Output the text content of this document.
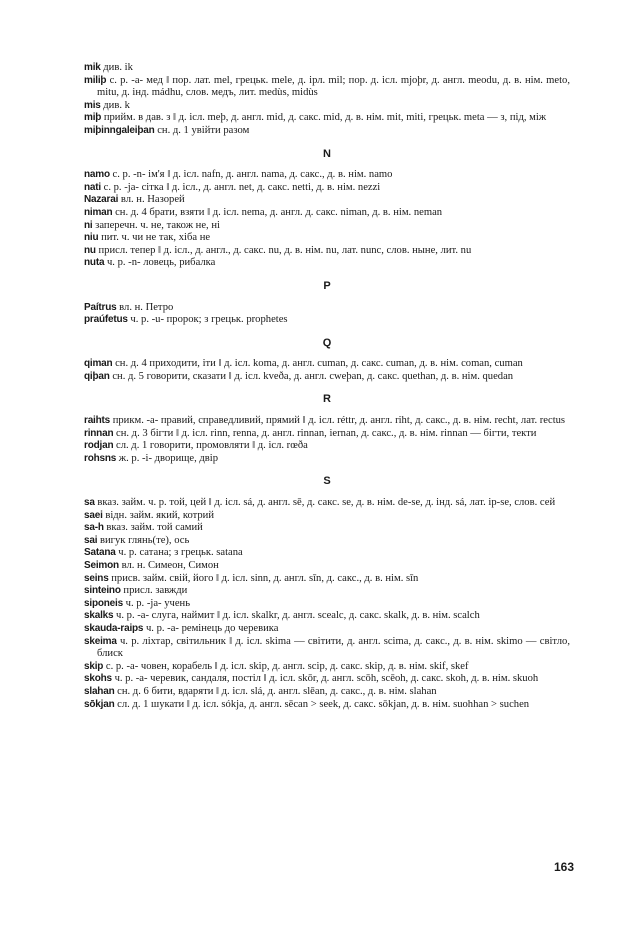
mik див. ik

miliþ с. р. -а- мед ‖ пор. лат. mel, грецьк. mele, д. ірл. mil; пор. д. ісл. mjoþr, д. англ. meodu, д. в. нім. meto, mitu, д. інд. mádhu, слов. медъ, лит. medùs, midùs

mis див. k

miþ прийм. в дав. з ‖ д. ісл. meþ, д. англ. mid, д. сакс. mid, д. в. нім. mit, miti, грецьк. meta — з, під, між

miþinngaleiþan сн. д. 1 увійти разом

N

namo с. р. -n- ім'я ‖ д. ісл. nafn, д. англ. nama, д. сакс., д. в. нім. namo

nati с. р. -ja- сітка ‖ д. ісл., д. англ. net, д. сакс. netti, д. в. нім. nezzi

Nazarai вл. н. Назорей

niman сн. д. 4 брати, взяти ‖ д. ісл. nema, д. англ. д. сакс. niman, д. в. нім. neman

ni заперечн. ч. не, також не, ні

niu пит. ч. чи не так, хіба не

nu присл. тепер ‖ д. ісл., д. англ., д. сакс. nu, д. в. нім. nu, лат. nunc, слов. ныне, лит. nu

nuta ч. р. -n- ловець, рибалка

P

Paítrus вл. н. Петро

praúfetus ч. р. -u- пророк; з грецьк. prophetes

Q

qiman сн. д. 4 приходити, іти ‖ д. ісл. koma, д. англ. cuman, д. сакс. cuman, д. в. нім. coman, cuman

qiþan сн. д. 5 говорити, сказати ‖ д. ісл. kveða, д. англ. cweþan, д. сакс. quethan, д. в. нім. quedan

R

raihts прикм. -a- правий, справедливий, прямий ‖ д. ісл. réttr, д. англ. riht, д. сакс., д. в. нім. recht, лат. rectus

rinnan сн. д. 3 бігти ‖ д. ісл. rinn, renna, д. англ. rinnan, iernan, д. сакс., д. в. нім. rinnan — бігти, текти

rodjan сл. д. 1 говорити, промовляти ‖ д. ісл. rœða

rohsns ж. р. -i- дворище, двір

S

sa вказ. займ. ч. р. той, цей ‖ д. ісл. sá, д. англ. sē, д. сакс. se, д. в. нім. de-se, д. інд. sá, лат. ip-se, слов. сей

saei відн. займ. який, котрий

sa-h вказ. займ. той самий

sai вигук глянь(те), ось

Satana ч. р. сатана; з грецьк. satana

Seimon вл. н. Симеон, Симон

seins присв. займ. свій, його ‖ д. ісл. sinn, д. англ. sīn, д. сакс., д. в. нім. sīn

sinteino присл. завжди

siponeis ч. р. -ja- учень

skalks ч. р. -a- слуга, наймит ‖ д. ісл. skalkr, д. англ. scealc, д. сакс. skalk, д. в. нім. scalch

skauda-raips ч. р. -a- ремінець до черевика

skeima ч. р. ліхтар, світильник ‖ д. ісл. skima — світити, д. англ. scima, д. сакс., д. в. нім. skimo — світло, блиск

skip с. р. -a- човен, корабель ‖ д. ісл. skip, д. англ. scip, д. сакс. skip, д. в. нім. skif, skef

skohs ч. р. -a- черевик, сандаля, постіл ‖ д. ісл. skōr, д. англ. scōh, scēoh, д. сакс. skoh, д. в. нім. skuoh

slahan сн. д. 6 бити, вдаряти ‖ д. ісл. slá, д. англ. slēan, д. сакс., д. в. нім. slahan

sōkjan сл. д. 1 шукати ‖ д. ісл. sókja, д. англ. sēcan > seek, д. сакс. sōkjan, д. в. нім. suohhan > suchen

163
